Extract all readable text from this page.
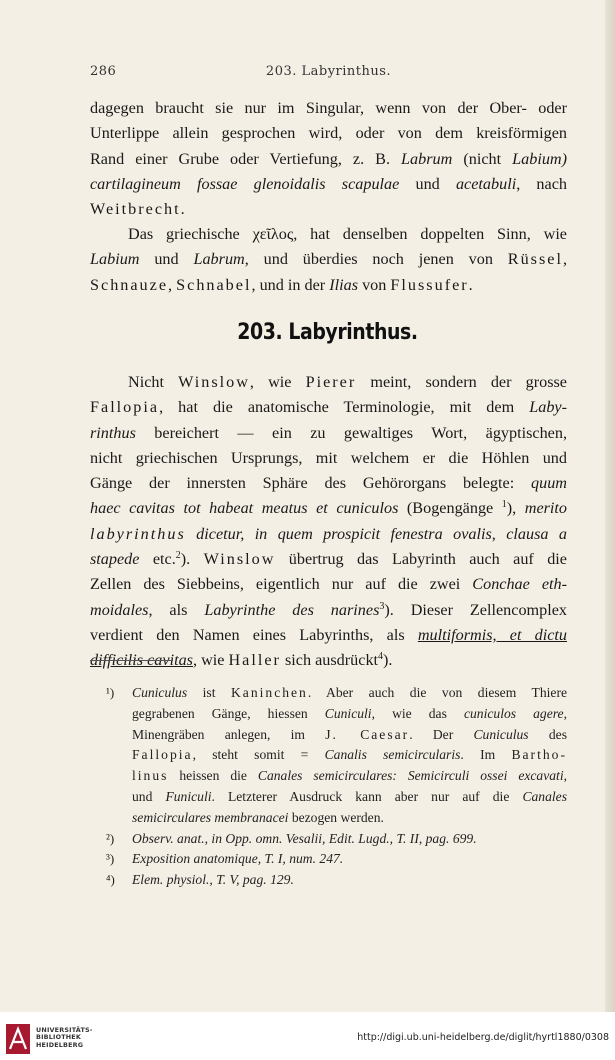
286	203. Labyrinthus.

dagegen braucht sie nur im Singular, wenn von der Ober- oder
Unterlippe allein gesprochen wird, oder von dem kreisförmigen
Rand einer Grube oder Vertiefung, z. B. Labrum (nicht Labium)
cartilagineum fossae glenoidalis scapulae und acetabuli, nach
Weitbrecht.

Das griechische χεῖλος, hat denselben doppelten Sinn, wie
Labium und Labrum, und überdies noch jenen von Rüssel,
Schnauze, Schnabel, und in der Ilias von Flussufer.

203. Labyrinthus.

Nicht Winslow, wie Pierer meint, sondern der grosse
Fallopia, hat die anatomische Terminologie, mit dem Laby-
rinthus bereichert — ein zu gewaltiges Wort, ägyptischen,
nicht griechischen Ursprungs, mit welchem er die Höhlen und
Gänge der innersten Sphäre des Gehörorgans belegte: quum
haec cavitas tot habeat meatus et cuniculos (Bogengänge $^1$), merito
labyrinthus dicetur, in quem prospicit fenestra ovalis, clausa a
stapede etc.$^2$). Winslow übertrug das Labyrinth auch auf die
Zellen des Siebbeins, eigentlich nur auf die zwei Conchae eth-
moidales, als Labyrinthe des narines$^3$). Dieser Zellencomplex
verdient den Namen eines Labyrinths, als multiformis, et dictu
difficilis cavitas, wie Haller sich ausdrückt$^4$).

¹) Cuniculus ist Kaninchen. Aber auch die von diesem Thiere
gegrabenen Gänge, hiessen Cuniculi, wie das cuniculos agere,
Minengräben anlegen, im J. Caesar. Der Cuniculus des
Fallopia, steht somit = Canalis semicircularis. Im Bartho-
linus heissen die Canales semicirculares: Semicirculi ossei excavati,
und Funiculi. Letzterer Ausdruck kann aber nur auf die Canales
semicirculares membranacei bezogen werden.
²) Observ. anat., in Opp. omn. Vesalii, Edit. Lugd., T. II, pag. 699.
³) Exposition anatomique, T. I, num. 247.
⁴) Elem. physiol., T. V, pag. 129.
UNIVERSITÄTS-
BIBLIOTHEK
HEIDELBERG
http://digi.ub.uni-heidelberg.de/diglit/hyrtl1880/0308
